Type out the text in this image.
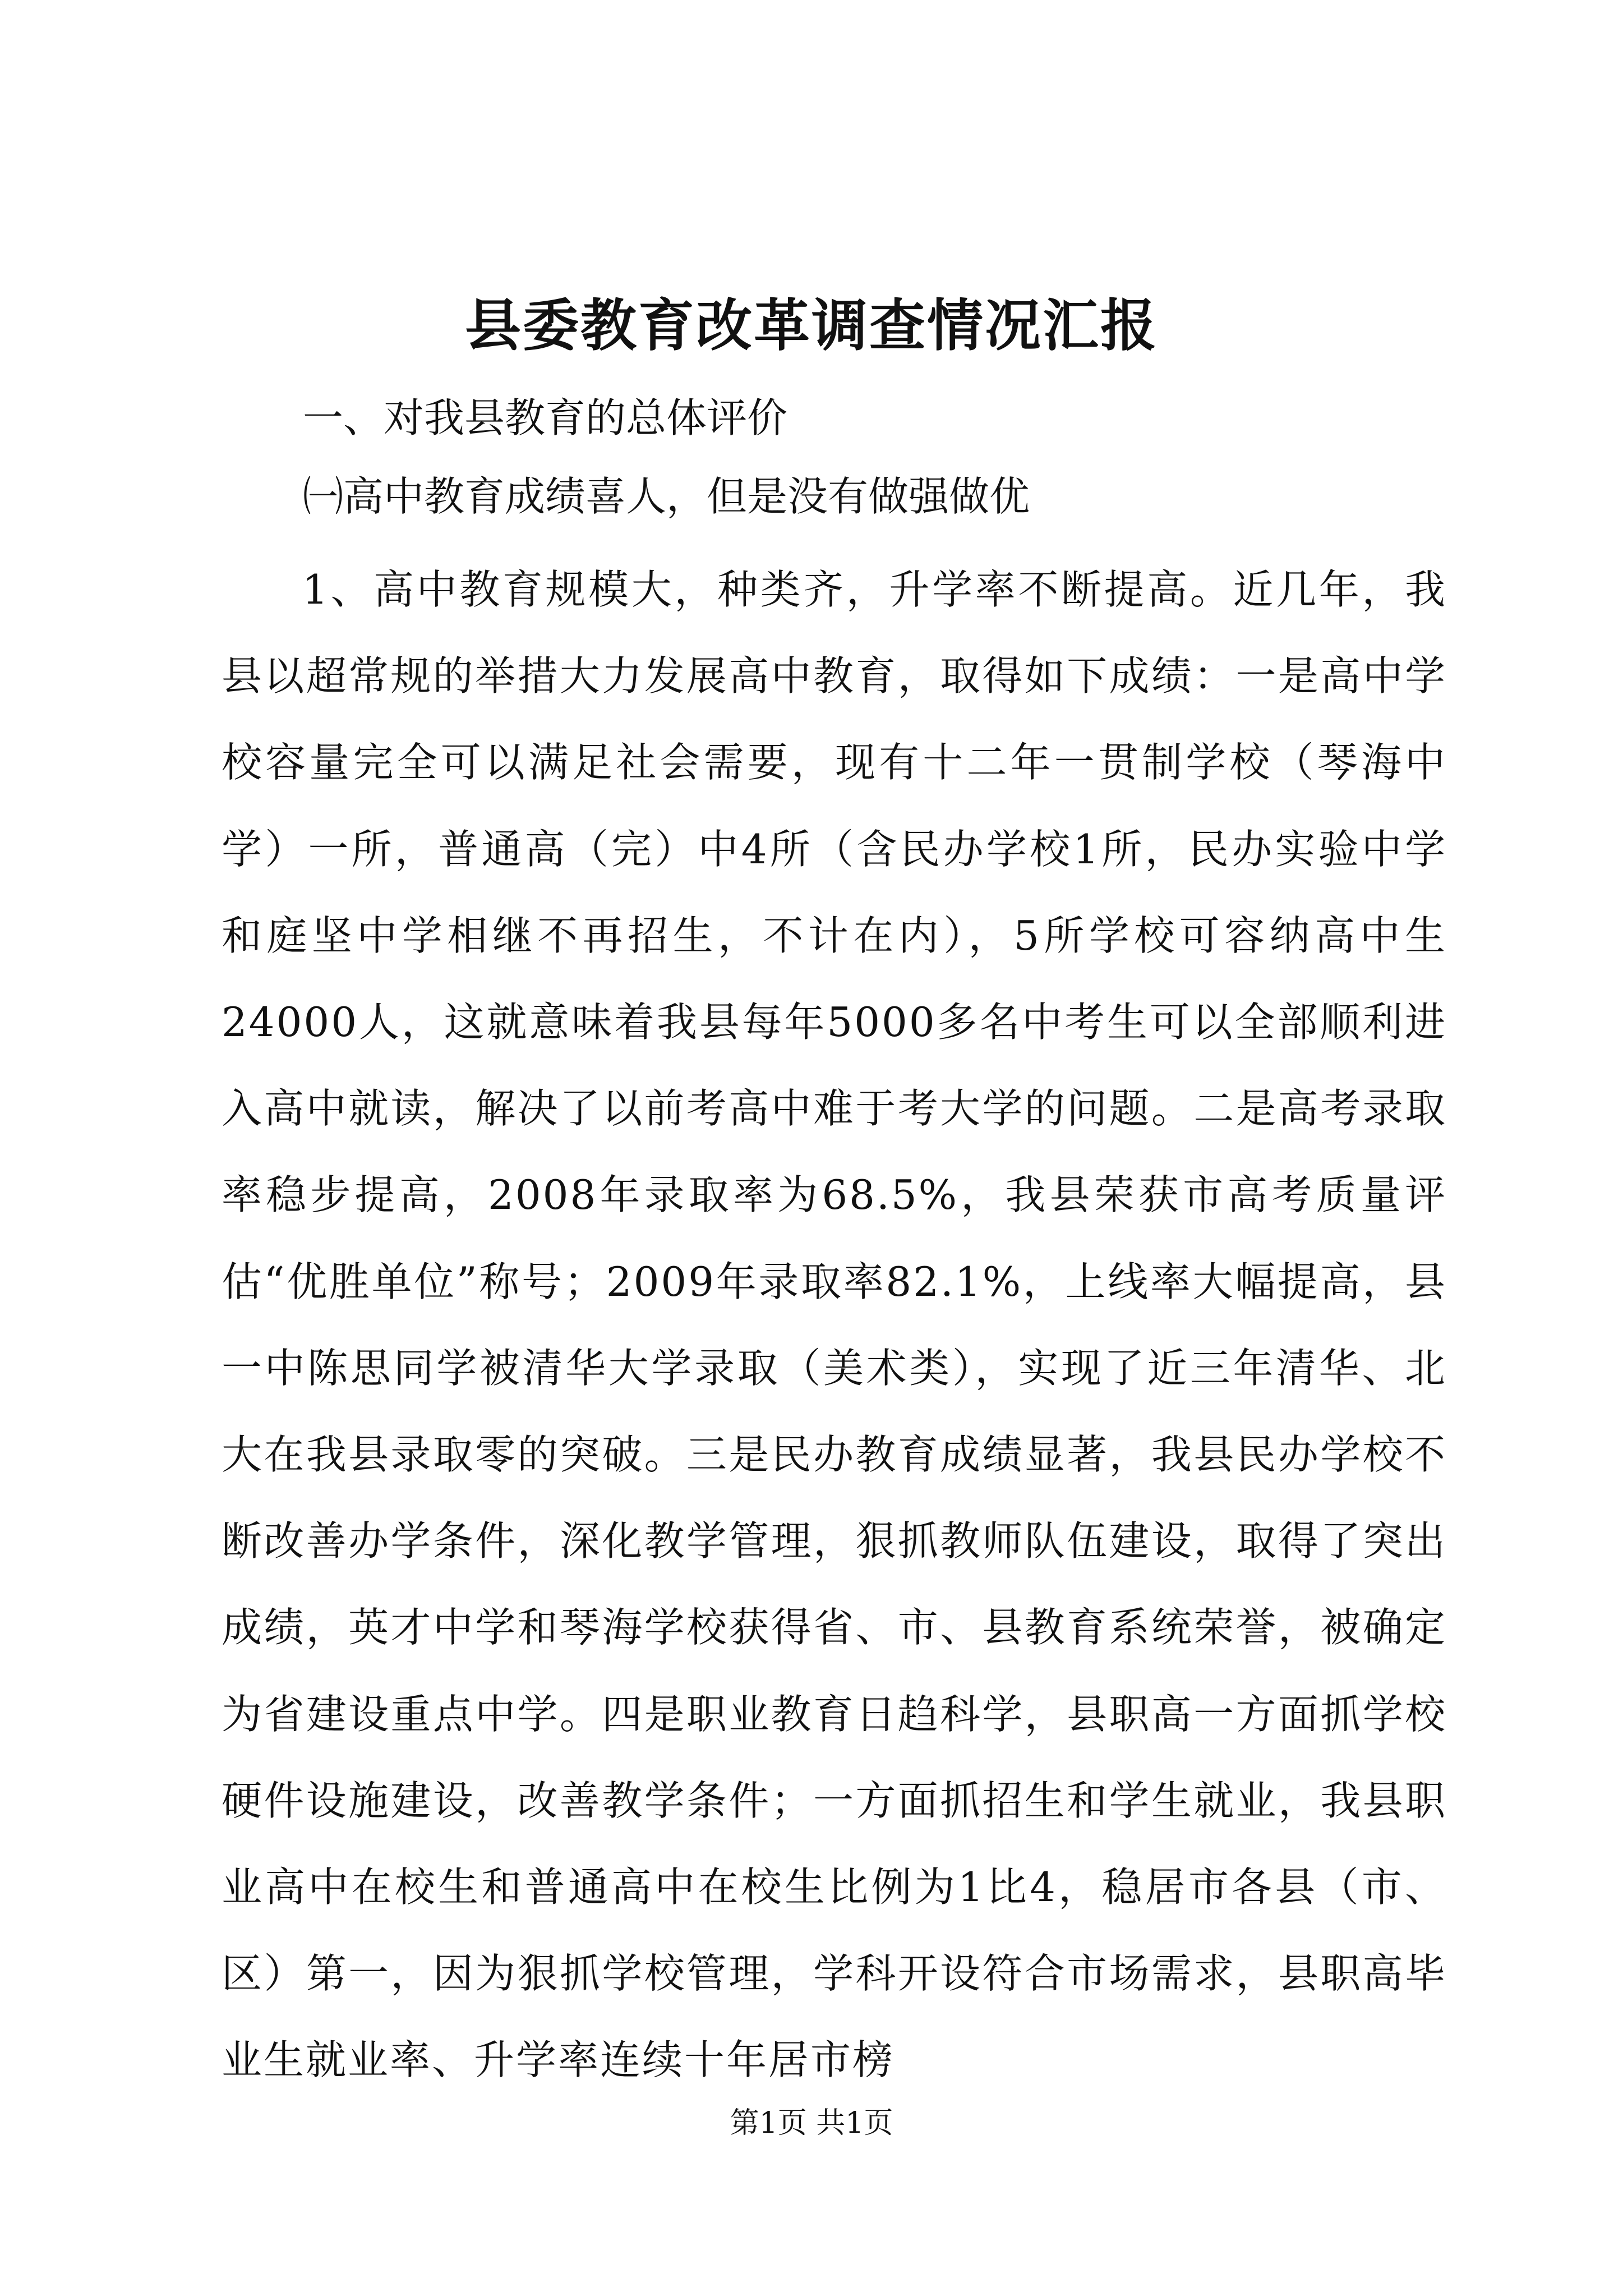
县委教育改革调查情况汇报
一、对我县教育的总体评价
㈠高中教育成绩喜人，但是没有做强做优

1、高中教育规模大，种类齐，升学率不断提高。近几年，我县以超常规的举措大力发展高中教育，取得如下成绩：一是高中学校容量完全可以满足社会需要，现有十二年一贯制学校（琴海中学）一所，普通高（完）中4所（含民办学校1所，民办实验中学和庭坚中学相继不再招生，不计在内），5所学校可容纳高中生24000人，这就意味着我县每年5000多名中考生可以全部顺利进入高中就读，解决了以前考高中难于考大学的问题。二是高考录取率稳步提高，2008年录取率为68.5%，我县荣获市高考质量评估“优胜单位”称号；2009年录取率82.1%，上线率大幅提高，县一中陈思同学被清华大学录取（美术类），实现了近三年清华、北大在我县录取零的突破。三是民办教育成绩显著，我县民办学校不断改善办学条件，深化教学管理，狠抓教师队伍建设，取得了突出成绩，英才中学和琴海学校获得省、市、县教育系统荣誉，被确定为省建设重点中学。四是职业教育日趋科学，县职高一方面抓学校硬件设施建设，改善教学条件；一方面抓招生和学生就业，我县职业高中在校生和普通高中在校生比例为1比4，稳居市各县（市、区）第一，因为狠抓学校管理，学科开设符合市场需求，县职高毕业生就业率、升学率连续十年居市榜

第1页 共1页
